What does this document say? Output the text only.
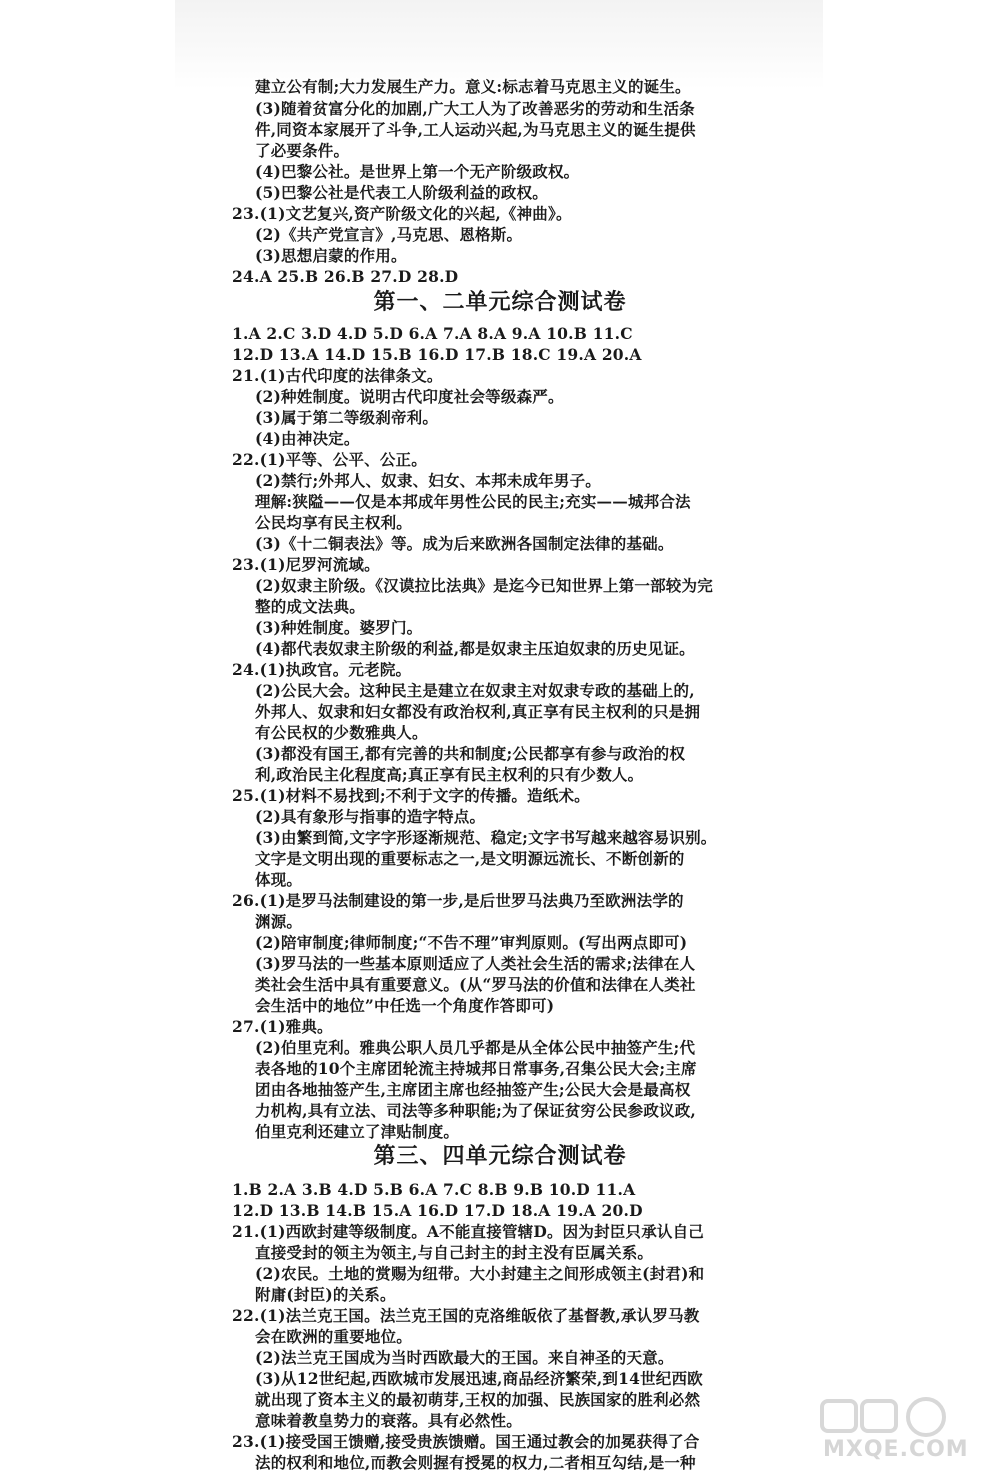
建立公有制;大力发展生产力。意义:标志着马克思主义的诞生。
(3)随着贫富分化的加剧,广大工人为了改善恶劣的劳动和生活条
件,同资本家展开了斗争,工人运动兴起,为马克思主义的诞生提供
了必要条件。
(4)巴黎公社。是世界上第一个无产阶级政权。
(5)巴黎公社是代表工人阶级利益的政权。
23.(1)文艺复兴,资产阶级文化的兴起,《神曲》。
(2)《共产党宣言》,马克思、恩格斯。
(3)思想启蒙的作用。
24.A 25.B 26.B 27.D 28.D
1.A 2.C 3.D 4.D 5.D 6.A 7.A 8.A 9.A 10.B 11.C
12.D 13.A 14.D 15.B 16.D 17.B 18.C 19.A 20.A
21.(1)古代印度的法律条文。
(2)种姓制度。说明古代印度社会等级森严。
(3)属于第二等级刹帝利。
(4)由神决定。
22.(1)平等、公平、公正。
(2)禁行;外邦人、奴隶、妇女、本邦未成年男子。
理解:狭隘——仅是本邦成年男性公民的民主;充实——城邦合法
公民均享有民主权利。
(3)《十二铜表法》等。成为后来欧洲各国制定法律的基础。
23.(1)尼罗河流域。
(2)奴隶主阶级。《汉谟拉比法典》是迄今已知世界上第一部较为完
整的成文法典。
(3)种姓制度。婆罗门。
(4)都代表奴隶主阶级的利益,都是奴隶主压迫奴隶的历史见证。
24.(1)执政官。元老院。
(2)公民大会。这种民主是建立在奴隶主对奴隶专政的基础上的,
外邦人、奴隶和妇女都没有政治权利,真正享有民主权利的只是拥
有公民权的少数雅典人。
(3)都没有国王,都有完善的共和制度;公民都享有参与政治的权
利,政治民主化程度高;真正享有民主权利的只有少数人。
25.(1)材料不易找到;不利于文字的传播。造纸术。
(2)具有象形与指事的造字特点。
(3)由繁到简,文字字形逐渐规范、稳定;文字书写越来越容易识别。
文字是文明出现的重要标志之一,是文明源远流长、不断创新的
体现。
26.(1)是罗马法制建设的第一步,是后世罗马法典乃至欧洲法学的
渊源。
(2)陪审制度;律师制度;“不告不理”审判原则。(写出两点即可)
(3)罗马法的一些基本原则适应了人类社会生活的需求;法律在人
类社会生活中具有重要意义。(从“罗马法的价值和法律在人类社
会生活中的地位”中任选一个角度作答即可)
27.(1)雅典。
(2)伯里克利。雅典公职人员几乎都是从全体公民中抽签产生;代
表各地的10个主席团轮流主持城邦日常事务,召集公民大会;主席
团由各地抽签产生,主席团主席也经抽签产生;公民大会是最高权
力机构,具有立法、司法等多种职能;为了保证贫穷公民参政议政,
伯里克利还建立了津贴制度。
1.B 2.A 3.B 4.D 5.B 6.A 7.C 8.B 9.B 10.D 11.A
12.D 13.B 14.B 15.A 16.D 17.D 18.A 19.A 20.D
21.(1)西欧封建等级制度。A不能直接管辖D。因为封臣只承认自己
直接受封的领主为领主,与自己封主的封主没有臣属关系。
(2)农民。土地的赏赐为纽带。大小封建主之间形成领主(封君)和
附庸(封臣)的关系。
22.(1)法兰克王国。法兰克王国的克洛维皈依了基督教,承认罗马教
会在欧洲的重要地位。
(2)法兰克王国成为当时西欧最大的王国。来自神圣的天意。
(3)从12世纪起,西欧城市发展迅速,商品经济繁荣,到14世纪西欧
就出现了资本主义的最初萌芽,王权的加强、民族国家的胜利必然
意味着教皇势力的衰落。具有必然性。
23.(1)接受国王馈赠,接受贵族馈赠。国王通过教会的加冕获得了合
法的权利和地位,而教会则握有授冕的权力,二者相互勾结,是一种
第一、二单元综合测试卷
第三、四单元综合测试卷
MXQE.COM
